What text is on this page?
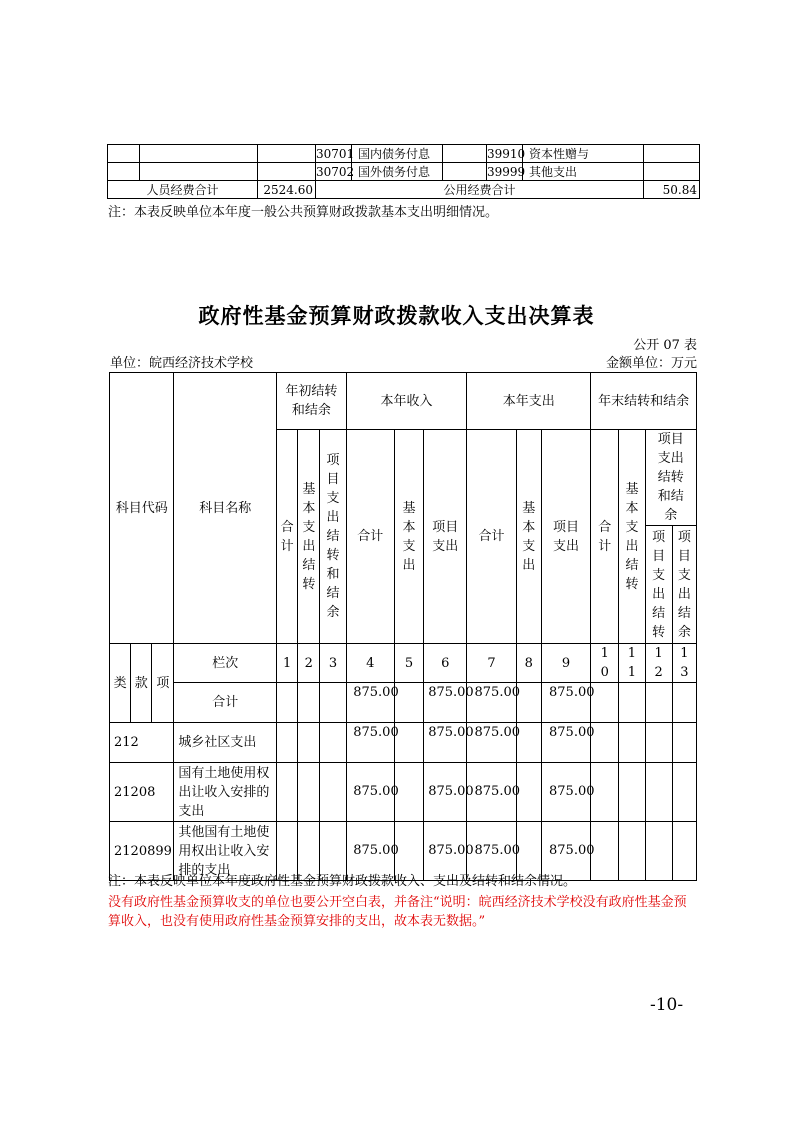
			30701	国内债务付息		39910	资本性赠与	
			30702	国外债务付息		39999	其他支出	
人员经费合计		2524.60	公用经费合计					50.84
注：本表反映单位本年度一般公共预算财政拨款基本支出明细情况。
政府性基金预算财政拨款收入支出决算表
公开 07 表
单位：皖西经济技术学校	金额单位：万元
科目代码			科目名称	年初结转和结余			本年收入			本年支出			年末结转和结余			
				合计	基本支出结转	项目支出结转和结余	合计	基本支出	项目支出	合计	基本支出	项目支出	合计	基本支出结转	项目支出结转和结余	
															项目支出结转	项目支出结余

类	款	项	栏次	1	2	3	4	5	6	7	8	9	10	11	12	13
			合计				875.00		875.00	875.00		875.00				
212			城乡社区支出				875.00		875.00	875.00		875.00				
21208			国有土地使用权出让收入安排的支出				875.00		875.00	875.00		875.00				
2120899			其他国有土地使用权出让收入安排的支出				875.00		875.00	875.00		875.00				
注：本表反映单位本年度政府性基金预算财政拨款收入、支出及结转和结余情况。
没有政府性基金预算收支的单位也要公开空白表，并备注“说明：皖西经济技术学校没有政府性基金预算收入，也没有使用政府性基金预算安排的支出，故本表无数据。”
-10-
